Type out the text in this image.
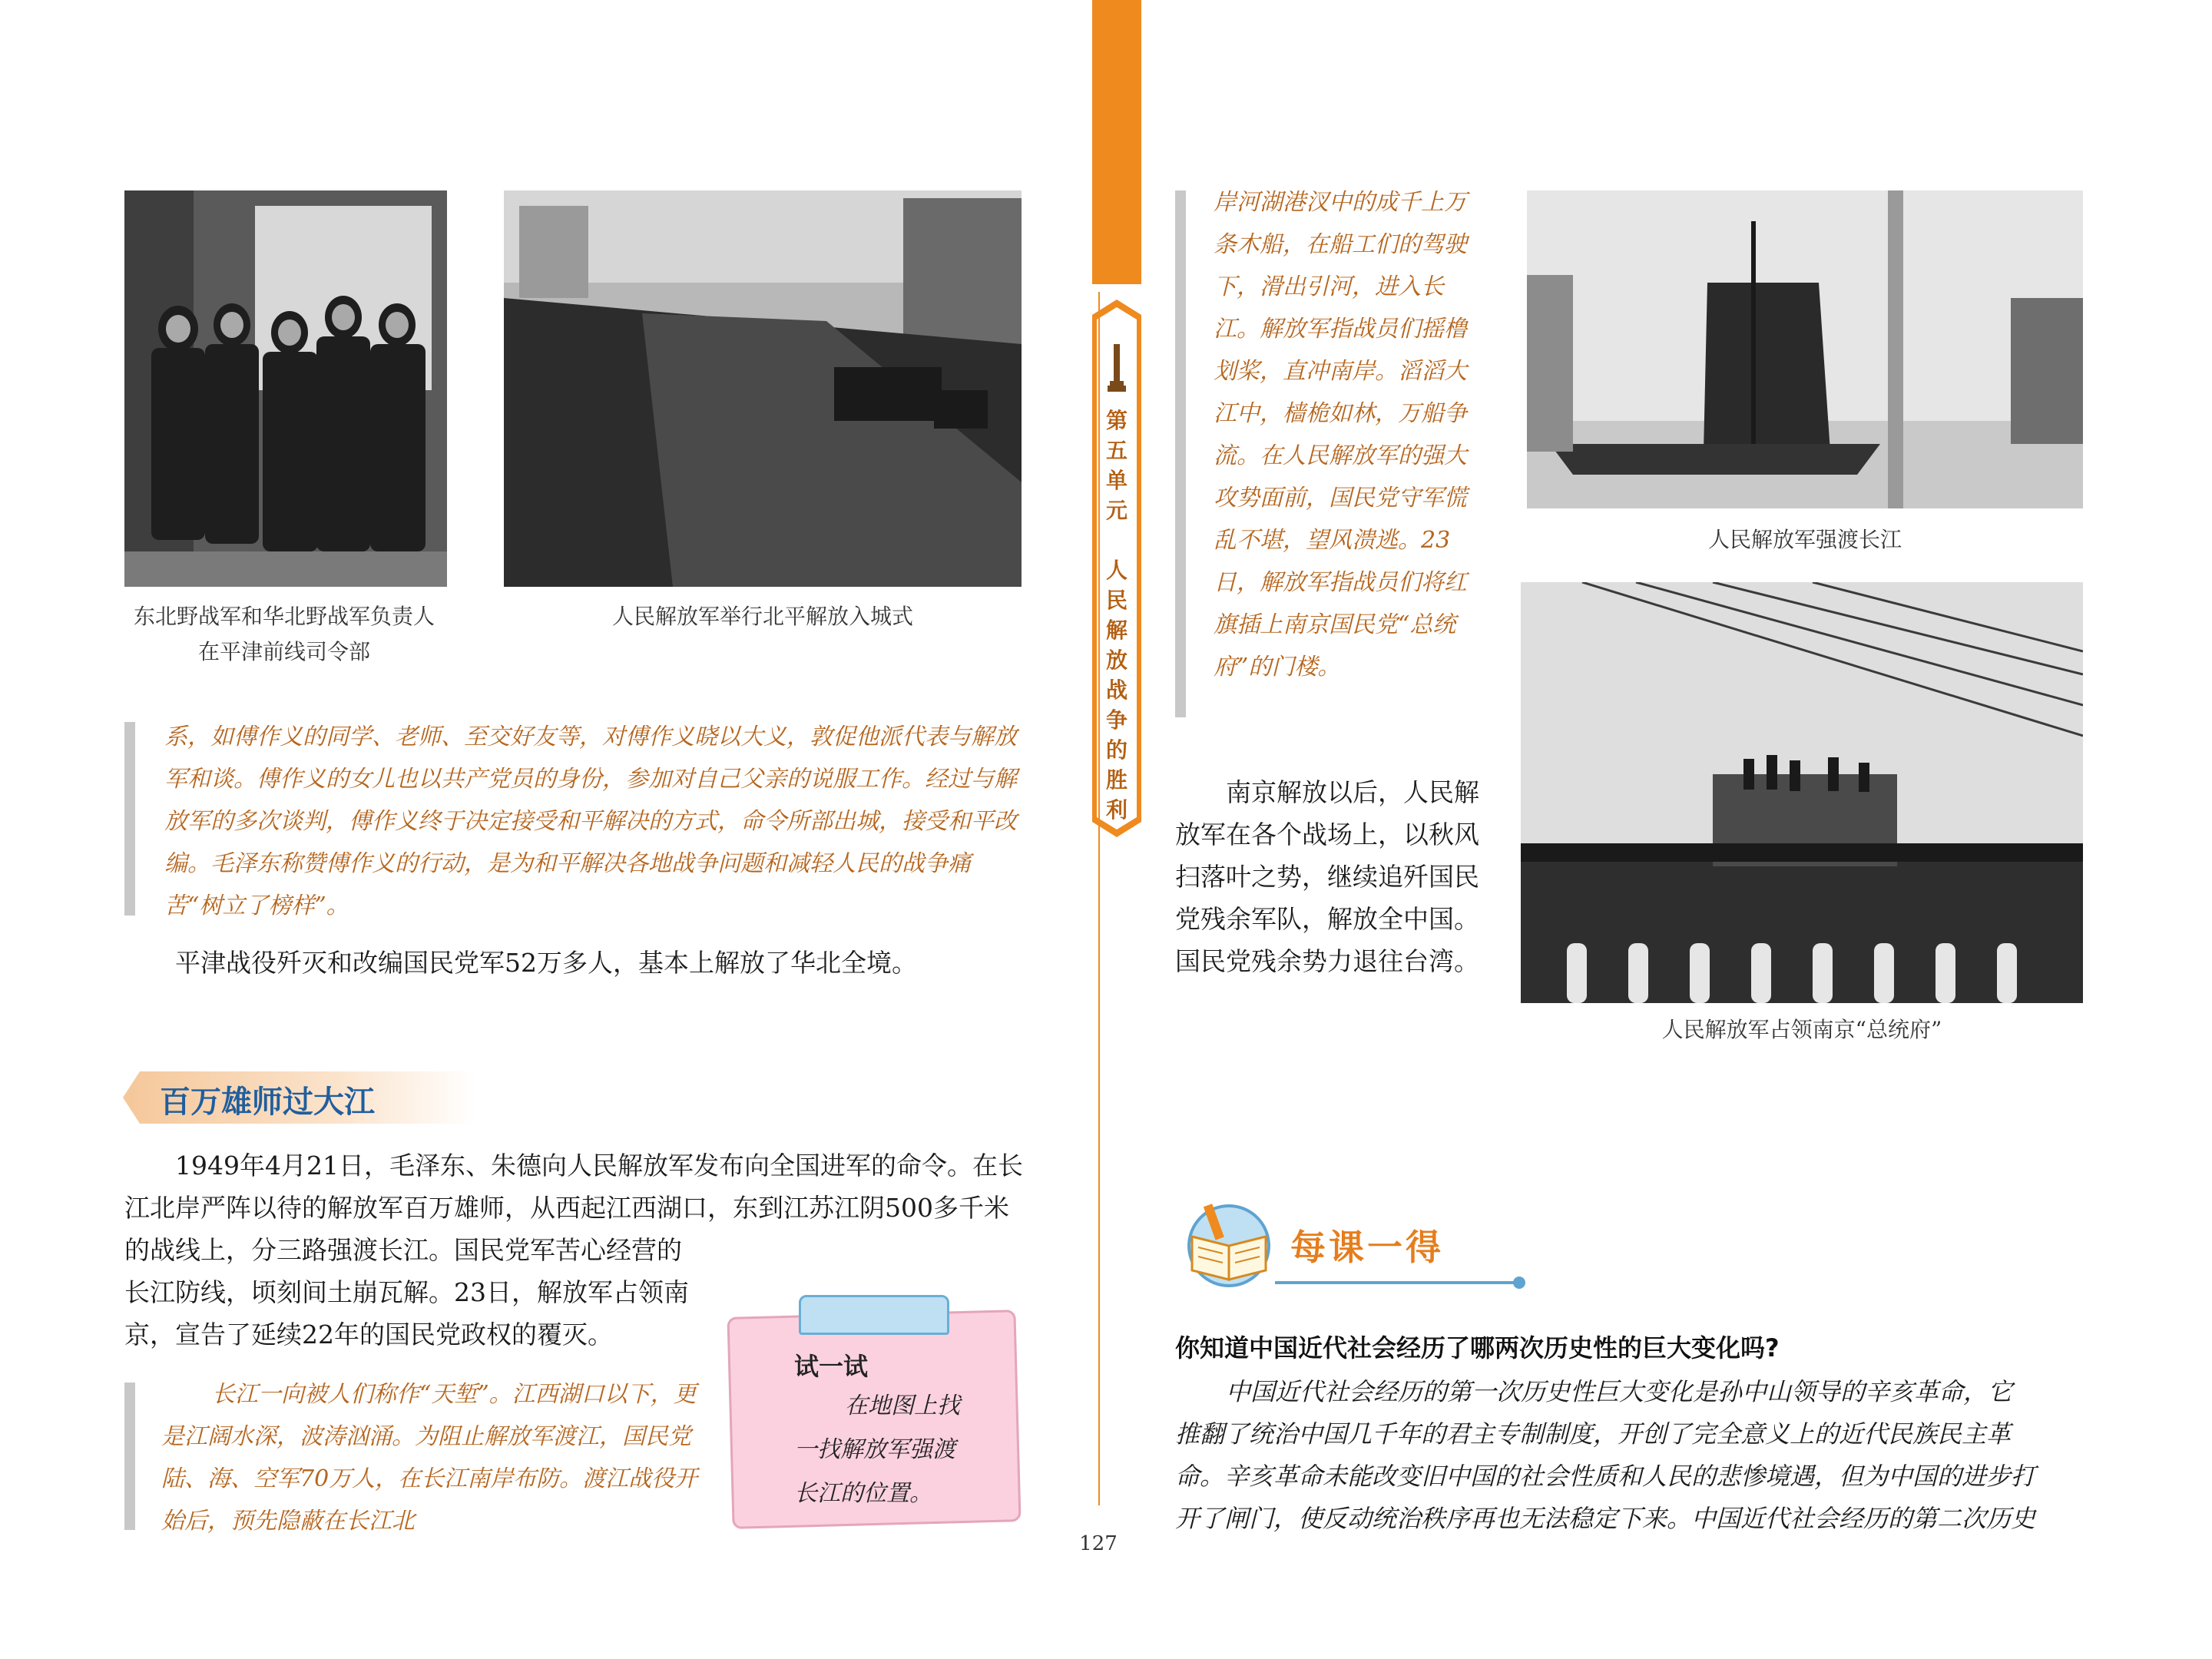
东北野战军和华北野战军负责人
在平津前线司令部
人民解放军举行北平解放入城式
系，如傅作义的同学、老师、至交好友等，对傅作义晓以大义，敦促他派代表与解放军和谈。傅作义的女儿也以共产党员的身份，参加对自己父亲的说服工作。经过与解放军的多次谈判，傅作义终于决定接受和平解决的方式，命令所部出城，接受和平改编。毛泽东称赞傅作义的行动，是为和平解决各地战争问题和减轻人民的战争痛苦“树立了榜样”。

平津战役歼灭和改编国民党军52万多人，基本上解放了华北全境。

百万雄师过大江

1949年4月21日，毛泽东、朱德向人民解放军发布向全国进军的命令。在长

江北岸严阵以待的解放军百万雄师，从西起江西湖口，东到江苏江阴500多千米

的战线上，分三路强渡长江。国民党军苦心经营的

长江防线，顷刻间土崩瓦解。23日，解放军占领南

京，宣告了延续22年的国民党政权的覆灭。

长江一向被人们称作“天堑”。江西湖口以下，更是江阔水深，波涛汹涌。为阻止解放军渡江，国民党陆、海、空军70万人，在长江南岸布防。渡江战役开始后，预先隐蔽在长江北
试一试
在地图上找
一找解放军强渡
长江的位置。
第
五
单
元

人
民
解
放
战
争
的
胜
利
127
岸河湖港汊中的成千上万条木船，在船工们的驾驶下，滑出引河，进入长江。解放军指战员们摇橹划桨，直冲南岸。滔滔大江中，樯桅如林，万船争流。在人民解放军的强大攻势面前，国民党守军慌乱不堪，望风溃逃。23日，解放军指战员们将红旗插上南京国民党“总统府”的门楼。
人民解放军强渡长江
南京解放以后，人民解放军在各个战场上，以秋风扫落叶之势，继续追歼国民党残余军队，解放全中国。国民党残余势力退往台湾。
人民解放军占领南京“总统府”
每课一得
你知道中国近代社会经历了哪两次历史性的巨大变化吗?

中国近代社会经历的第一次历史性巨大变化是孙中山领导的辛亥革命，它

推翻了统治中国几千年的君主专制制度，开创了完全意义上的近代民族民主革

命。辛亥革命未能改变旧中国的社会性质和人民的悲惨境遇，但为中国的进步打

开了闸门，使反动统治秩序再也无法稳定下来。中国近代社会经历的第二次历史
